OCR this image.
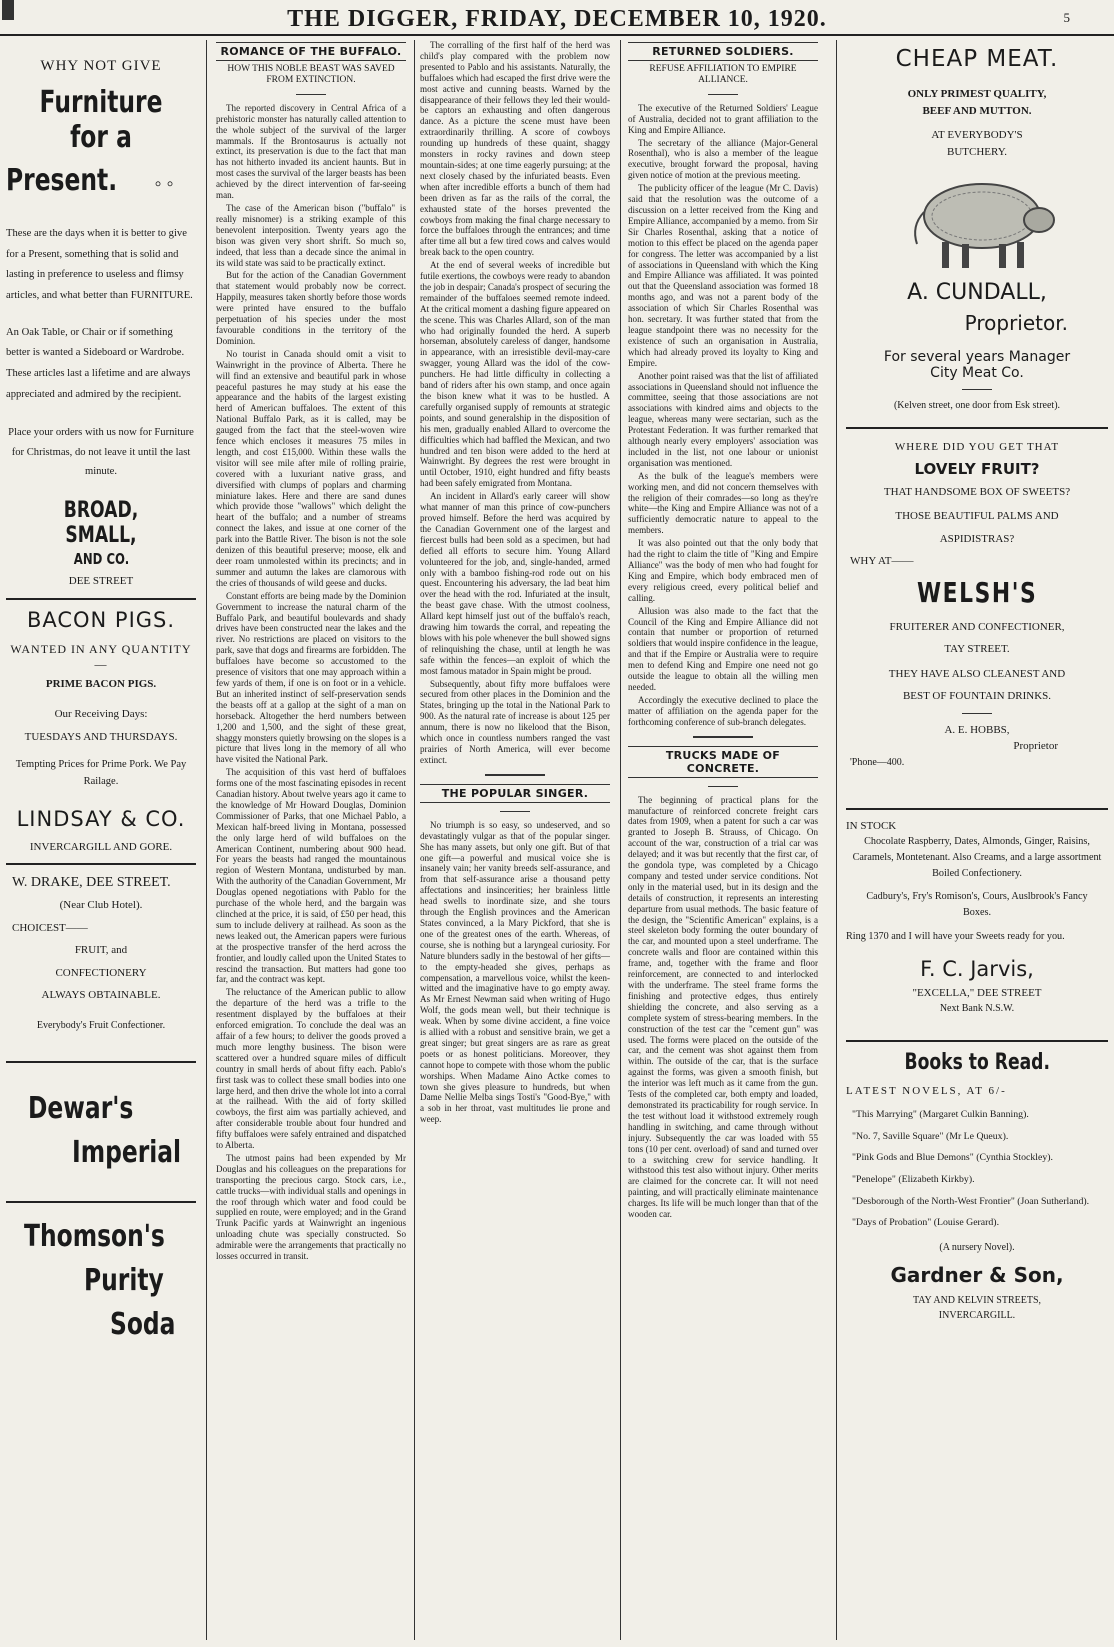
THE DIGGER, FRIDAY, DECEMBER 10, 1920.	5
WHY NOT GIVE
Furniture for a
Present. ◦ ◦
These are the days when it is better to give for a Present, something that is solid and lasting in preference to useless and flimsy articles, and what better than FURNITURE.
An Oak Table, or Chair or if something better is wanted a Sideboard or Wardrobe. These articles last a lifetime and are always appreciated and admired by the recipient.
Place your orders with us now for Furniture for Christmas, do not leave it until the last minute.
BROAD, SMALL,
AND CO.
DEE STREET
BACON PIGS.
WANTED IN ANY QUANTITY—
PRIME BACON PIGS.
Our Receiving Days:
TUESDAYS AND THURSDAYS.
Tempting Prices for Prime Pork. We Pay Railage.
LINDSAY & CO.
INVERCARGILL AND GORE.
W. DRAKE, DEE STREET.
(Near Club Hotel).
CHOICEST——
FRUIT, and
CONFECTIONERY
ALWAYS OBTAINABLE.
Everybody's Fruit Confectioner.
Dewar's
Imperial
Thomson's
Purity
Soda
ROMANCE OF THE BUFFALO.
HOW THIS NOBLE BEAST WAS SAVED FROM EXTINCTION.

The reported discovery in Central Africa of a prehistoric monster has naturally called attention to the whole subject of the survival of the larger mammals. If the Brontosaurus is actually not extinct, its preservation is due to the fact that man has not hitherto invaded its ancient haunts. But in most cases the survival of the larger beasts has been achieved by the direct intervention of far-seeing man.

The case of the American bison ("buffalo" is really misnomer) is a striking example of this benevolent interposition. Twenty years ago the bison was given very short shrift. So much so, indeed, that less than a decade since the animal in its wild state was said to be practically extinct.

But for the action of the Canadian Government that statement would probably now be correct. Happily, measures taken shortly before those words were printed have ensured to the buffalo perpetuation of his species under the most favourable conditions in the territory of the Dominion.

No tourist in Canada should omit a visit to Wainwright in the province of Alberta. There he will find an extensive and beautiful park in whose peaceful pastures he may study at his ease the appearance and the habits of the largest existing herd of American buffaloes. The extent of this National Buffalo Park, as it is called, may be gauged from the fact that the steel-woven wire fence which encloses it measures 75 miles in length, and cost £15,000. Within these walls the visitor will see mile after mile of rolling prairie, covered with a luxuriant native grass, and diversified with clumps of poplars and charming miniature lakes. Here and there are sand dunes which provide those "wallows" which delight the heart of the buffalo; and a number of streams connect the lakes, and issue at one corner of the park into the Battle River. The bison is not the sole denizen of this beautiful preserve; moose, elk and deer roam unmolested within its precincts; and in summer and autumn the lakes are clamorous with the cries of thousands of wild geese and ducks.

Constant efforts are being made by the Dominion Government to increase the natural charm of the Buffalo Park, and beautiful boulevards and shady drives have been constructed near the lakes and the river. No restrictions are placed on visitors to the park, save that dogs and firearms are forbidden. The buffaloes have become so accustomed to the presence of visitors that one may approach within a few yards of them, if one is on foot or in a vehicle. But an inherited instinct of self-preservation sends the beasts off at a gallop at the sight of a man on horseback. Altogether the herd numbers between 1,200 and 1,500, and the sight of these great, shaggy monsters quietly browsing on the slopes is a picture that lives long in the memory of all who have visited the National Park.

The acquisition of this vast herd of buffaloes forms one of the most fascinating episodes in recent Canadian history. About twelve years ago it came to the knowledge of Mr Howard Douglas, Dominion Commissioner of Parks, that one Michael Pablo, a Mexican half-breed living in Montana, possessed the only large herd of wild buffaloes on the American Continent, numbering about 900 head. For years the beasts had ranged the mountainous region of Western Montana, undisturbed by man. With the authority of the Canadian Government, Mr Douglas opened negotiations with Pablo for the purchase of the whole herd, and the bargain was clinched at the price, it is said, of £50 per head, this sum to include delivery at railhead. As soon as the news leaked out, the American papers were furious at the prospective transfer of the herd across the frontier, and loudly called upon the United States to rescind the transaction. But matters had gone too far, and the contract was kept.

The reluctance of the American public to allow the departure of the herd was a trifle to the resentment displayed by the buffaloes at their enforced emigration. To conclude the deal was an affair of a few hours; to deliver the goods proved a much more lengthy business. The bison were scattered over a hundred square miles of difficult country in small herds of about fifty each. Pablo's first task was to collect these small bodies into one large herd, and then drive the whole lot into a corral at the railhead. With the aid of forty skilled cowboys, the first aim was partially achieved, and after considerable trouble about four hundred and fifty buffaloes were safely entrained and dispatched to Alberta.

The utmost pains had been expended by Mr Douglas and his colleagues on the preparations for transporting the precious cargo. Stock cars, i.e., cattle trucks—with individual stalls and openings in the roof through which water and food could be supplied en route, were employed; and in the Grand Trunk Pacific yards at Wainwright an ingenious unloading chute was specially constructed. So admirable were the arrangements that practically no losses occurred in transit.

The corralling of the first half of the herd was child's play compared with the problem now presented to Pablo and his assistants. Naturally, the buffaloes which had escaped the first drive were the most active and cunning beasts. Warned by the disappearance of their fellows they led their would-be captors an exhausting and often dangerous dance. As a picture the scene must have been extraordinarily thrilling. A score of cowboys rounding up hundreds of these quaint, shaggy monsters in rocky ravines and down steep mountain-sides; at one time eagerly pursuing; at the next closely chased by the infuriated beasts. Even when after incredible efforts a bunch of them had been driven as far as the rails of the corral, the exhausted state of the horses prevented the cowboys from making the final charge necessary to force the buffaloes through the entrances; and time after time all but a few tired cows and calves would break back to the open country.

At the end of several weeks of incredible but futile exertions, the cowboys were ready to abandon the job in despair; Canada's prospect of securing the remainder of the buffaloes seemed remote indeed. At the critical moment a dashing figure appeared on the scene. This was Charles Allard, son of the man who had originally founded the herd. A superb horseman, absolutely careless of danger, handsome in appearance, with an irresistible devil-may-care swagger, young Allard was the idol of the cow-punchers. He had little difficulty in collecting a band of riders after his own stamp, and once again the bison knew what it was to be hustled. A carefully organised supply of remounts at strategic points, and sound generalship in the disposition of his men, gradually enabled Allard to overcome the difficulties which had baffled the Mexican, and two hundred and ten bison were added to the herd at Wainwright. By degrees the rest were brought in until October, 1910, eight hundred and fifty beasts had been safely emigrated from Montana.

An incident in Allard's early career will show what manner of man this prince of cow-punchers proved himself. Before the herd was acquired by the Canadian Government one of the largest and fiercest bulls had been sold as a specimen, but had defied all efforts to secure him. Young Allard volunteered for the job, and, single-handed, armed only with a bamboo fishing-rod rode out on his quest. Encountering his adversary, the lad beat him over the head with the rod. Infuriated at the insult, the beast gave chase. With the utmost coolness, Allard kept himself just out of the buffalo's reach, drawing him towards the corral, and repeating the blows with his pole whenever the bull showed signs of relinquishing the chase, until at length he was safe within the fences—an exploit of which the most famous matador in Spain might be proud.

Subsequently, about fifty more buffaloes were secured from other places in the Dominion and the States, bringing up the total in the National Park to 900. As the natural rate of increase is about 125 per annum, there is now no likelood that the Bison, which once in countless numbers ranged the vast prairies of North America, will ever become extinct.

THE POPULAR SINGER.

No triumph is so easy, so undeserved, and so devastatingly vulgar as that of the popular singer. She has many assets, but only one gift. But of that one gift—a powerful and musical voice she is insanely vain; her vanity breeds self-assurance, and from that self-assurance arise a thousand petty affectations and insincerities; her brainless little head swells to inordinate size, and she tours through the English provinces and the American States convinced, a la Mary Pickford, that she is one of the greatest ones of the earth. Whereas, of course, she is nothing but a laryngeal curiosity. For Nature blunders sadly in the bestowal of her gifts—to the empty-headed she gives, perhaps as compensation, a marvellous voice, whilst the keen-witted and the imaginative have to go empty away. As Mr Ernest Newman said when writing of Hugo Wolf, the gods mean well, but their technique is weak. When by some divine accident, a fine voice is allied with a robust and sensitive brain, we get a great singer; but great singers are as rare as great poets or as honest politicians. Moreover, they cannot hope to compete with those whom the public worships. When Madame Aino Actke comes to town she gives pleasure to hundreds, but when Dame Nellie Melba sings Tosti's "Good-Bye," with a sob in her throat, vast multitudes lie prone and weep.

RETURNED SOLDIERS.
REFUSE AFFILIATION TO EMPIRE ALLIANCE.

The executive of the Returned Soldiers' League of Australia, decided not to grant affiliation to the King and Empire Alliance.

The secretary of the alliance (Major-General Rosenthal), who is also a member of the league executive, brought forward the proposal, having given notice of motion at the previous meeting.

The publicity officer of the league (Mr C. Davis) said that the resolution was the outcome of a discussion on a letter received from the King and Empire Alliance, accompanied by a memo. from Sir Sir Charles Rosenthal, asking that a notice of motion to this effect be placed on the agenda paper for congress. The letter was accompanied by a list of associations in Queensland with which the King and Empire Alliance was affiliated. It was pointed out that the Queensland association was formed 18 months ago, and was not a parent body of the association of which Sir Charles Rosenthal was hon. secretary. It was further stated that from the league standpoint there was no necessity for the existence of such an organisation in Australia, which had already proved its loyalty to King and Empire.

Another point raised was that the list of affiliated associations in Queensland should not influence the committee, seeing that those associations are not associations with kindred aims and objects to the league, whereas many were sectarian, such as the Protestant Federation. It was further remarked that although nearly every employers' association was included in the list, not one labour or unionist organisation was mentioned.

As the bulk of the league's members were working men, and did not concern themselves with the religion of their comrades—so long as they're white—the King and Empire Alliance was not of a sufficiently democratic nature to appeal to the members.

It was also pointed out that the only body that had the right to claim the title of "King and Empire Alliance" was the body of men who had fought for King and Empire, which body embraced men of every religious creed, every political belief and calling.

Allusion was also made to the fact that the Council of the King and Empire Alliance did not contain that number or proportion of returned soldiers that would inspire confidence in the league, and that if the Empire or Australia were to require men to defend King and Empire one need not go outside the league to obtain all the willing men needed.

Accordingly the executive declined to place the matter of affiliation on the agenda paper for the forthcoming conference of sub-branch delegates.

TRUCKS MADE OF CONCRETE.

The beginning of practical plans for the manufacture of reinforced concrete freight cars dates from 1909, when a patent for such a car was granted to Joseph B. Strauss, of Chicago. On account of the war, construction of a trial car was delayed; and it was but recently that the first car, of the gondola type, was completed by a Chicago company and tested under service conditions. Not only in the material used, but in its design and the details of construction, it represents an interesting departure from usual methods. The basic feature of the design, the "Scientific American" explains, is a steel skeleton body forming the outer boundary of the car, and mounted upon a steel underframe. The concrete walls and floor are contained within this frame, and, together with the frame and floor reinforcement, are connected to and interlocked with the underframe. The steel frame forms the finishing and protective edges, thus entirely shielding the concrete, and also serving as a complete system of stress-bearing members. In the construction of the test car the "cement gun" was used. The forms were placed on the outside of the car, and the cement was shot against them from within. The outside of the car, that is the surface against the forms, was given a smooth finish, but the interior was left much as it came from the gun. Tests of the completed car, both empty and loaded, demonstrated its practicability for rough service. In the test without load it withstood extremely rough handling in switching, and came through without injury. Subsequently the car was loaded with 55 tons (10 per cent. overload) of sand and turned over to a switching crew for service handling. It withstood this test also without injury. Other merits are claimed for the concrete car. It will not need painting, and will practically eliminate maintenance charges. Its life will be much longer than that of the wooden car.

CHEAP MEAT.
ONLY PRIMEST QUALITY,
BEEF AND MUTTON.
AT EVERYBODY'S
BUTCHERY.
A. CUNDALL,
Proprietor.
For several years Manager
City Meat Co.
(Kelven street, one door from Esk street).
WHERE DID YOU GET THAT
LOVELY FRUIT?
THAT HANDSOME BOX OF SWEETS?
THOSE BEAUTIFUL PALMS AND
ASPIDISTRAS?
WHY AT——
WELSH'S
FRUITERER AND CONFECTIONER,
TAY STREET.
THEY HAVE ALSO CLEANEST AND
BEST OF FOUNTAIN DRINKS.
A. E. HOBBS,
Proprietor
'Phone—400.
IN STOCK
Chocolate Raspberry, Dates, Almonds, Ginger, Raisins, Caramels, Montetenant. Also Creams, and a large assortment Boiled Confectionery.
Cadbury's, Fry's Romison's, Cours, Auslbrook's Fancy Boxes.
Ring 1370 and I will have your Sweets ready for you.
F. C. Jarvis,
"EXCELLA," DEE STREET
Next Bank N.S.W.
Books to Read.
LATEST NOVELS, AT 6/-
"This Marrying" (Margaret Culkin Banning).
"No. 7, Saville Square" (Mr Le Queux).
"Pink Gods and Blue Demons" (Cynthia Stockley).
"Penelope" (Elizabeth Kirkby).
"Desborough of the North-West Frontier" (Joan Sutherland).
"Days of Probation" (Louise Gerard).
(A nursery Novel).
Gardner & Son,
TAY AND KELVIN STREETS,
INVERCARGILL.
